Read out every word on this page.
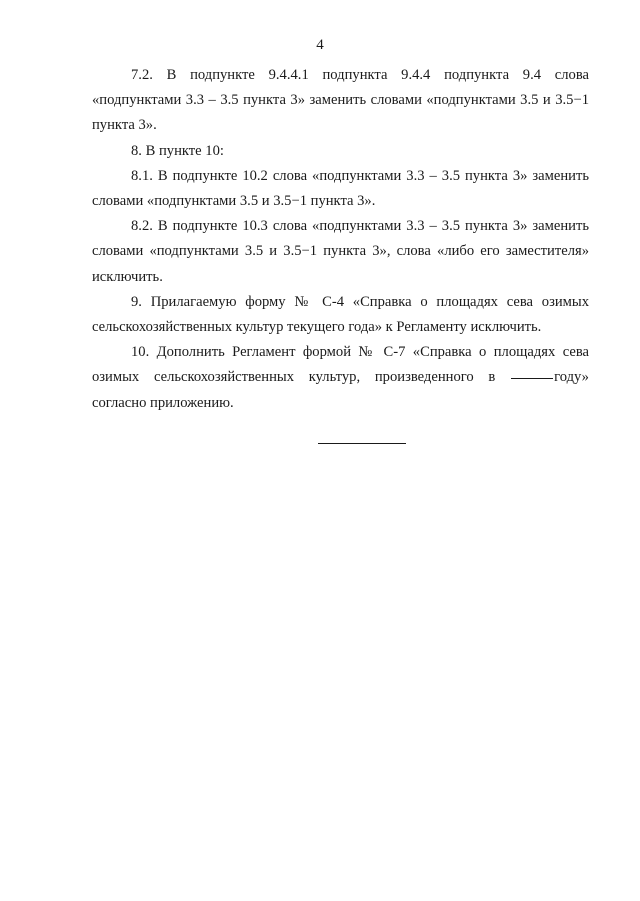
4

7.2. В подпункте 9.4.4.1 подпункта 9.4.4 подпункта 9.4 слова «подпунктами 3.3 – 3.5 пункта 3» заменить словами «подпунктами 3.5 и 3.5−1 пункта 3».

8. В пункте 10:

8.1. В подпункте 10.2 слова «подпунктами 3.3 – 3.5 пункта 3» заменить словами «подпунктами 3.5 и 3.5−1 пункта 3».

8.2. В подпункте 10.3 слова «подпунктами 3.3 – 3.5 пункта 3» заменить словами «подпунктами 3.5 и 3.5−1 пункта 3», слова «либо его заместителя» исключить.

9. Прилагаемую форму № С-4 «Справка о площадях сева озимых сельскохозяйственных культур текущего года» к Регламенту исключить.

10. Дополнить Регламент формой № С-7 «Справка о площадях сева озимых сельскохозяйственных культур, произведенного в	году» согласно приложению.
